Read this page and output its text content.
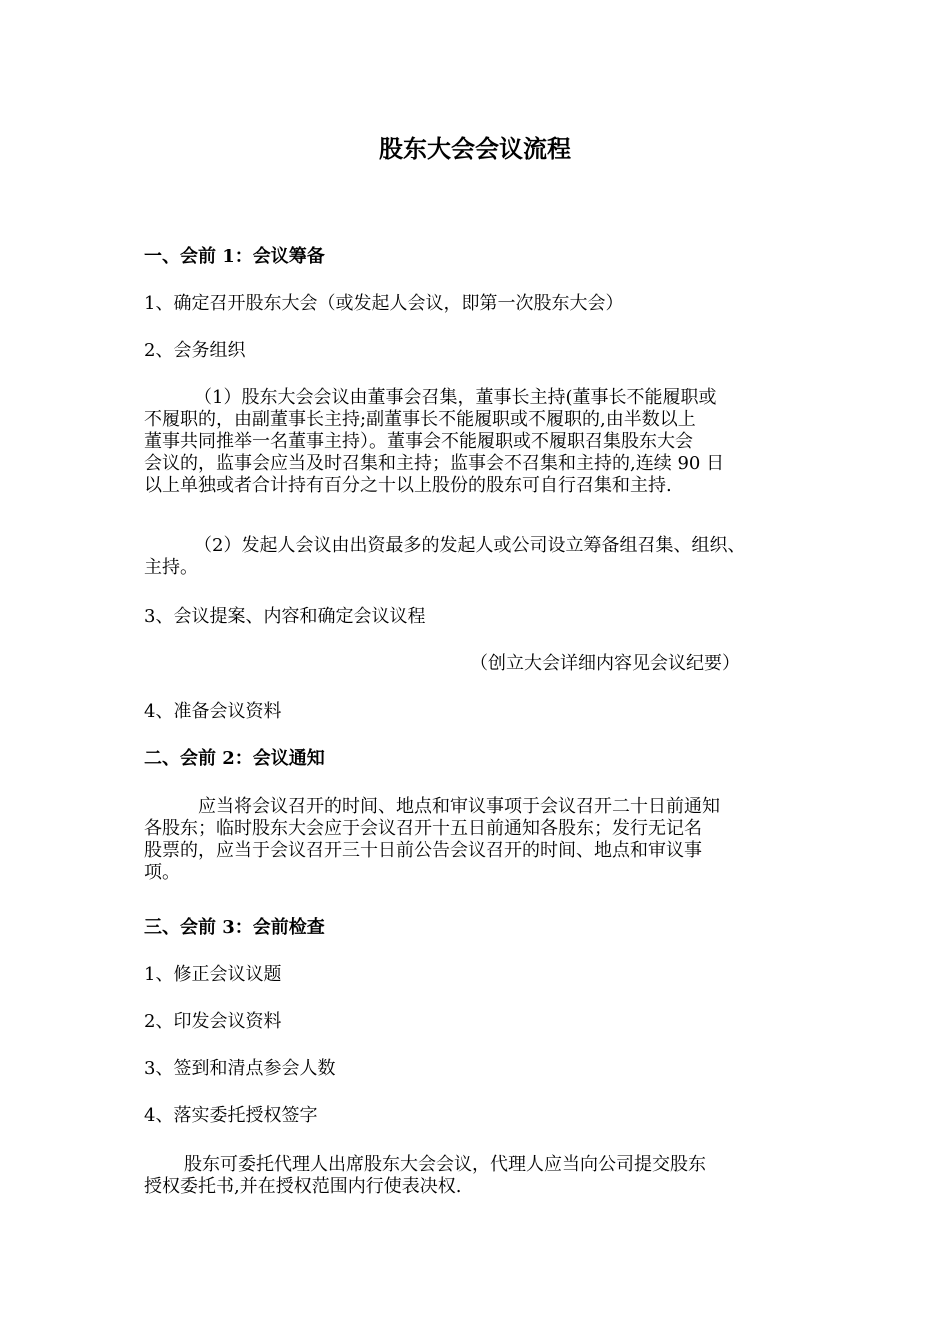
股东大会会议流程
一、会前 1：会议筹备
1、确定召开股东大会（或发起人会议，即第一次股东大会）
2、会务组织
（1）股东大会会议由董事会召集，董事长主持(董事长不能履职或
不履职的，由副董事长主持;副董事长不能履职或不履职的,由半数以上
董事共同推举一名董事主持）。董事会不能履职或不履职召集股东大会
会议的，监事会应当及时召集和主持；监事会不召集和主持的,连续 90 日
以上单独或者合计持有百分之十以上股份的股东可自行召集和主持.
（2）发起人会议由出资最多的发起人或公司设立筹备组召集、组织、
主持。
3、会议提案、内容和确定会议议程
（创立大会详细内容见会议纪要）
4、准备会议资料
二、会前 2：会议通知
应当将会议召开的时间、地点和审议事项于会议召开二十日前通知
各股东；临时股东大会应于会议召开十五日前通知各股东；发行无记名
股票的，应当于会议召开三十日前公告会议召开的时间、地点和审议事
项。
三、会前 3：会前检查
1、修正会议议题
2、印发会议资料
3、签到和清点参会人数
4、落实委托授权签字
股东可委托代理人出席股东大会会议，代理人应当向公司提交股东
授权委托书,并在授权范围内行使表决权.
